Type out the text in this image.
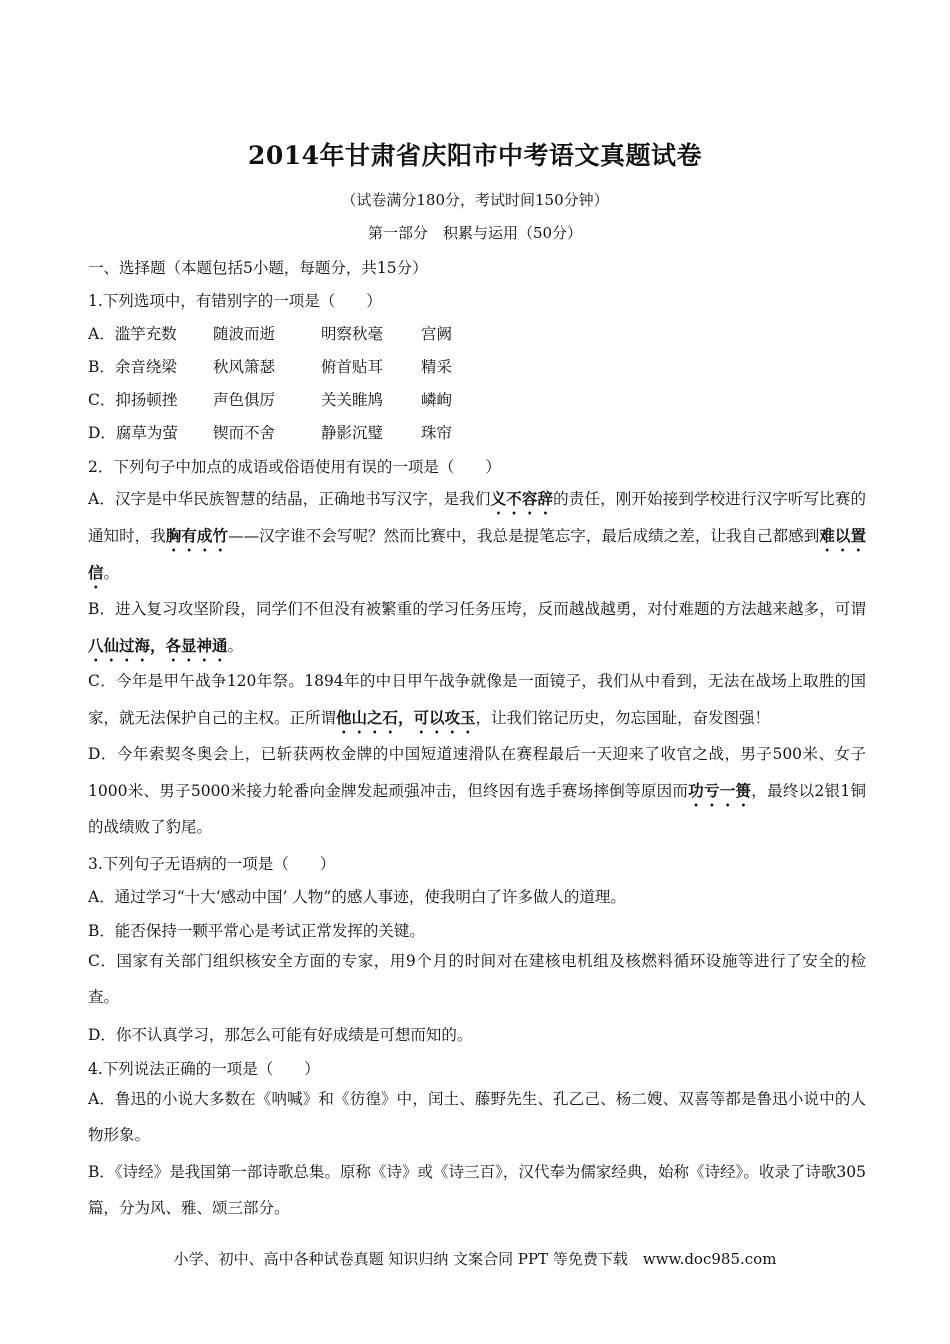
2014年甘肃省庆阳市中考语文真题试卷
（试卷满分180分，考试时间150分钟）
第一部分　积累与运用（50分）
一、选择题（本题包括5小题，每题分，共15分）
1.下列选项中，有错别字的一项是（　　）
A．滥竽充数 随波而逝	明察秋毫 宫阙
B．余音绕梁 秋风箫瑟	俯首贴耳 精采
C．抑扬顿挫 声色俱厉	关关睢鸠 嶙峋
D．腐草为萤 锲而不舍	静影沉璧 珠帘
2．下列句子中加点的成语或俗语使用有误的一项是（　　）
A．汉字是中华民族智慧的结晶，正确地书写汉字，是我们义不容辞的责任，刚开始接到学校进行汉字听写比赛的通知时，我胸有成竹——汉字谁不会写呢？然而比赛中，我总是提笔忘字，最后成绩之差，让我自己都感到难以置信。
B．进入复习攻坚阶段，同学们不但没有被繁重的学习任务压垮，反而越战越勇，对付难题的方法越来越多，可谓八仙过海，各显神通。
C．今年是甲午战争120年祭。1894年的中日甲午战争就像是一面镜子，我们从中看到，无法在战场上取胜的国家，就无法保护自己的主权。正所谓他山之石，可以攻玉，让我们铭记历史，勿忘国耻，奋发图强！
D．今年索契冬奥会上，已斩获两枚金牌的中国短道速滑队在赛程最后一天迎来了收官之战，男子500米、女子1000米、男子5000米接力轮番向金牌发起顽强冲击，但终因有选手赛场摔倒等原因而功亏一篑，最终以2银1铜的战绩败了豹尾。
3.下列句子无语病的一项是（　　）
A．通过学习“十大‘感动中国’ 人物”的感人事迹，使我明白了许多做人的道理。
B．能否保持一颗平常心是考试正常发挥的关键。
C．国家有关部门组织核安全方面的专家，用9个月的时间对在建核电机组及核燃料循环设施等进行了安全的检查。
D．你不认真学习，那怎么可能有好成绩是可想而知的。
4.下列说法正确的一项是（　　）
A．鲁迅的小说大多数在《呐喊》和《彷徨》中，闰土、藤野先生、孔乙己、杨二嫂、双喜等都是鲁迅小说中的人物形象。
B．《诗经》是我国第一部诗歌总集。原称《诗》或《诗三百》，汉代奉为儒家经典，始称《诗经》。收录了诗歌305篇，分为风、雅、颂三部分。
小学、初中、高中各种试卷真题 知识归纳 文案合同 PPT 等免费下载　www.doc985.com
